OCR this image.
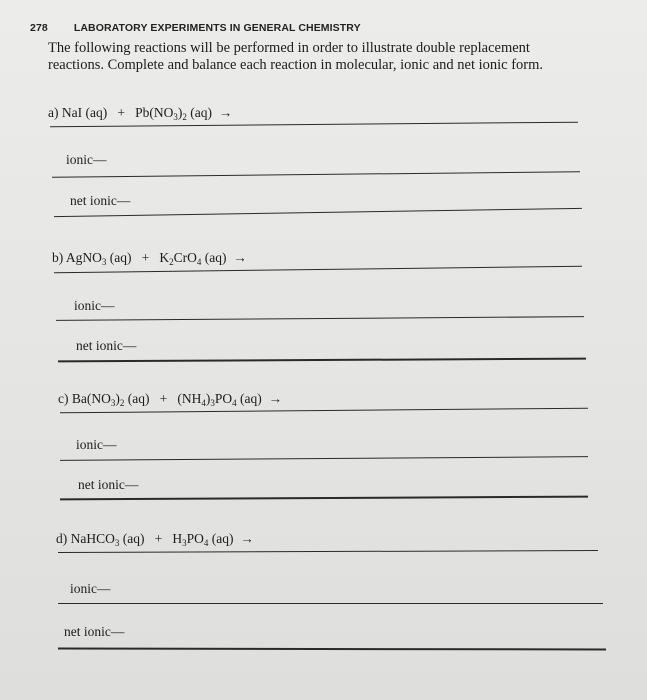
278 LABORATORY EXPERIMENTS IN GENERAL CHEMISTRY
The following reactions will be performed in order to illustrate double replacement reactions. Complete and balance each reaction in molecular, ionic and net ionic form.
a) NaI $(aq) + Pb(NO_3)_2$ (aq) →
ionic—
net ionic—
b) AgNO$_3$ $(aq) + K_2CrO_4$ (aq) →
ionic—
net ionic—
c) $Ba(NO_3)_2$ $(aq) + (NH_4)_3PO_4$ (aq) →
ionic—
net ionic—
d) NaHCO$_3$ $(aq) + H_3PO_4$ (aq) →
ionic—
net ionic—
